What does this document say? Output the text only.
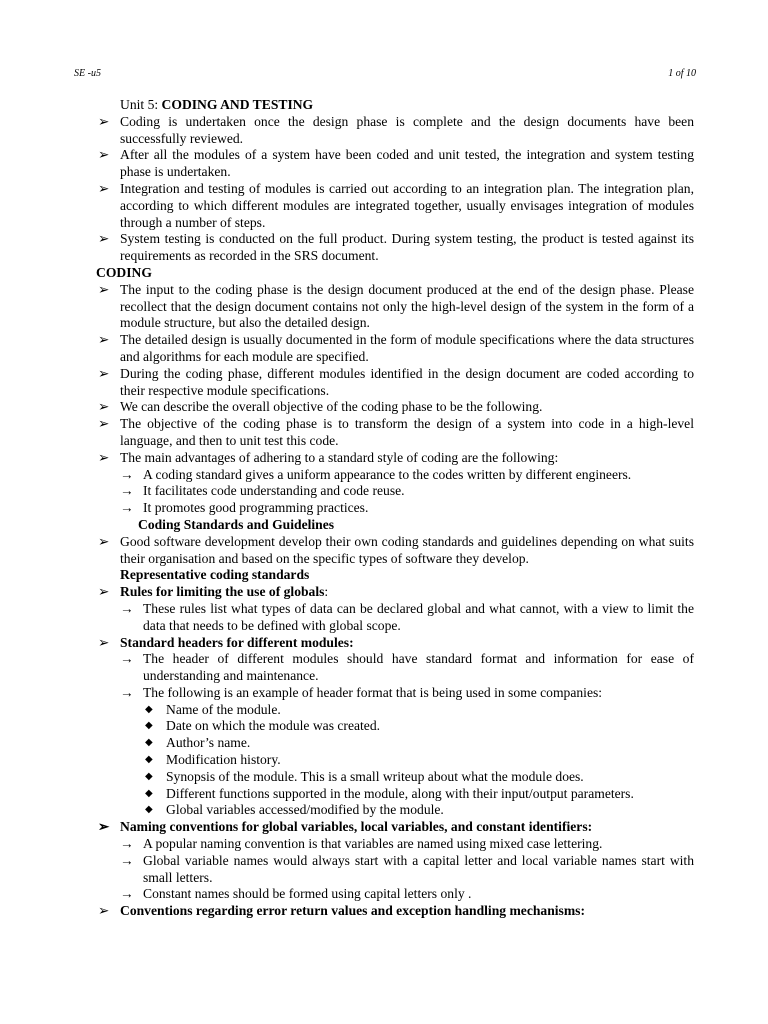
SE -u5	1 of 10
Unit 5: CODING AND TESTING
➢ Coding is undertaken once the design phase is complete and the design documents have been successfully reviewed.
➢ After all the modules of a system have been coded and unit tested, the integration and system testing phase is undertaken.
➢ Integration and testing of modules is carried out according to an integration plan. The integration plan, according to which different modules are integrated together, usually envisages integration of modules through a number of steps.
➢ System testing is conducted on the full product. During system testing, the product is tested against its requirements as recorded in the SRS document.
CODING
➢ The input to the coding phase is the design document produced at the end of the design phase. Please recollect that the design document contains not only the high-level design of the system in the form of a module structure, but also the detailed design.
➢ The detailed design is usually documented in the form of module specifications where the data structures and algorithms for each module are specified.
➢ During the coding phase, different modules identified in the design document are coded according to their respective module specifications.
➢ We can describe the overall objective of the coding phase to be the following.
➢ The objective of the coding phase is to transform the design of a system into code in a high-level language, and then to unit test this code.
➢ The main advantages of adhering to a standard style of coding are the following:
→ A coding standard gives a uniform appearance to the codes written by different engineers.
→ It facilitates code understanding and code reuse.
→ It promotes good programming practices.
Coding Standards and Guidelines
➢ Good software development develop their own coding standards and guidelines depending on what suits their organisation and based on the specific types of software they develop.
Representative coding standards
➢ Rules for limiting the use of globals:
→ These rules list what types of data can be declared global and what cannot, with a view to limit the data that needs to be defined with global scope.
➢ Standard headers for different modules:
→ The header of different modules should have standard format and information for ease of understanding and maintenance.
→ The following is an example of header format that is being used in some companies:
◆ Name of the module.
◆ Date on which the module was created.
◆ Author’s name.
◆ Modification history.
◆ Synopsis of the module. This is a small writeup about what the module does.
◆ Different functions supported in the module, along with their input/output parameters.
◆ Global variables accessed/modified by the module.
➢ Naming conventions for global variables, local variables, and constant identifiers:
→ A popular naming convention is that variables are named using mixed case lettering.
→ Global variable names would always start with a capital letter and local variable names start with small letters.
→ Constant names should be formed using capital letters only .
➢ Conventions regarding error return values and exception handling mechanisms:
